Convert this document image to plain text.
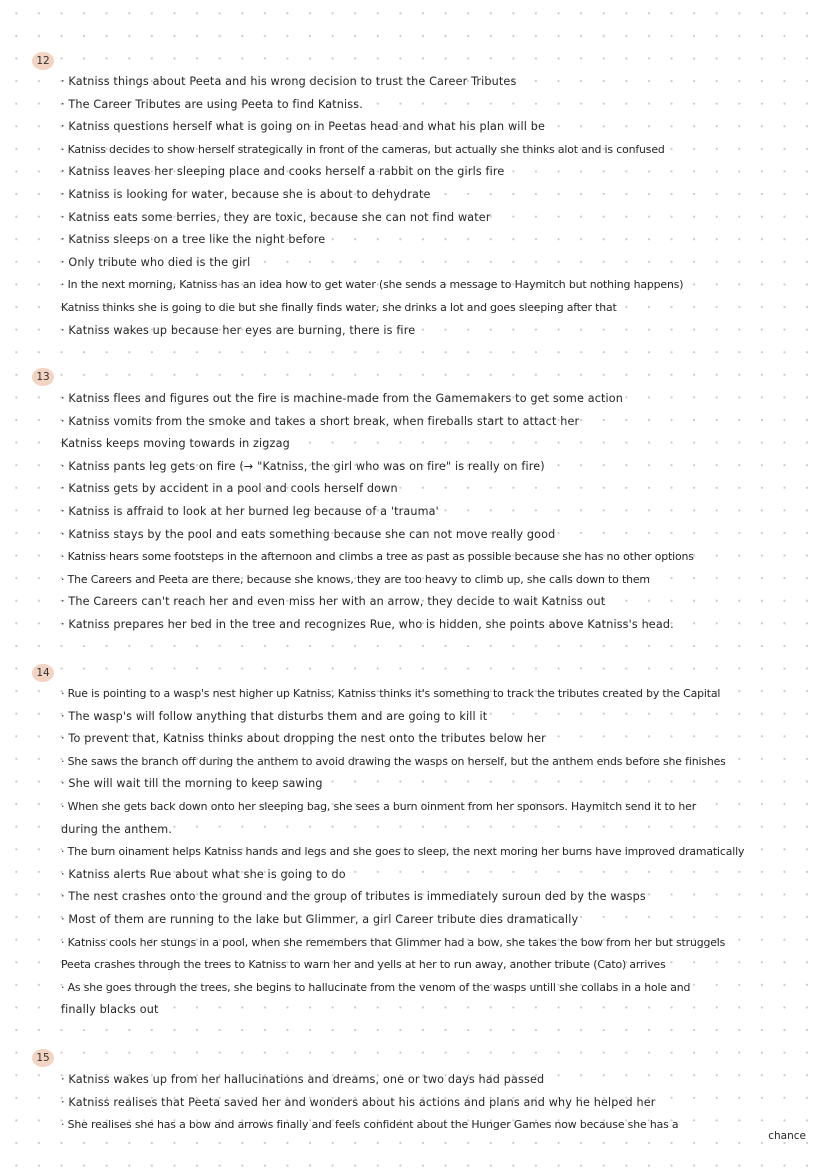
12
· Katniss things about Peeta and his wrong decision to trust the Career Tributes
· The Career Tributes are using Peeta to find Katniss.
· Katniss questions herself what is going on in Peetas head and what his plan will be
· Katniss decides to show herself strategically in front of the cameras, but actually she thinks alot and is confused
· Katniss leaves her sleeping place and cooks herself a rabbit on the girls fire
· Katniss is looking for water, because she is about to dehydrate
· Katniss eats some berries, they are toxic, because she can not find water
· Katniss sleeps on a tree like the night before
· Only tribute who died is the girl
· In the next morning, Katniss has an idea how to get water (she sends a message to Haymitch but nothing happens)
Katniss thinks she is going to die but she finally finds water, she drinks a lot and goes sleeping after that
· Katniss wakes up because her eyes are burning, there is fire
13
· Katniss flees and figures out the fire is machine-made from the Gamemakers to get some action
· Katniss vomits from the smoke and takes a short break, when fireballs start to attact her
Katniss keeps moving towards in zigzag
· Katniss pants leg gets on fire (→ "Katniss, the girl who was on fire" is really on fire)
· Katniss gets by accident in a pool and cools herself down
· Katniss is affraid to look at her burned leg because of a 'trauma'
· Katniss stays by the pool and eats something because she can not move really good
· Katniss hears some footsteps in the afternoon and climbs a tree as past as possible because she has no other options
· The Careers and Peeta are there, because she knows, they are too heavy to climb up, she calls down to them
· The Careers can't reach her and even miss her with an arrow, they decide to wait Katniss out
· Katniss prepares her bed in the tree and recognizes Rue, who is hidden, she points above Katniss's head.
14
· Rue is pointing to a wasp's nest higher up Katniss, Katniss thinks it's something to track the tributes created by the Capital
· The wasp's will follow anything that disturbs them and are going to kill it
· To prevent that, Katniss thinks about dropping the nest onto the tributes below her
· She saws the branch off during the anthem to avoid drawing the wasps on herself, but the anthem ends before she finishes
· She will wait till the morning to keep sawing
· When she gets back down onto her sleeping bag, she sees a burn oinment from her sponsors. Haymitch send it to her
during the anthem.
· The burn oinament helps Katniss hands and legs and she goes to sleep, the next moring her burns have improved dramatically
· Katniss alerts Rue about what she is going to do
· The nest crashes onto the ground and the group of tributes is immediately suroun ded by the wasps
· Most of them are running to the lake but Glimmer, a girl Career tribute dies dramatically
· Katniss cools her stungs in a pool, when she remembers that Glimmer had a bow, she takes the bow from her but struggels
Peeta crashes through the trees to Katniss to warn her and yells at her to run away, another tribute (Cato) arrives
· As she goes through the trees, she begins to hallucinate from the venom of the wasps untill she collabs in a hole and
finally blacks out
15
· Katniss wakes up from her hallucinations and dreams, one or two days had passed
· Katniss realises that Peeta saved her and wonders about his actions and plans and why he helped her
· She realises she has a bow and arrows finally and feels confident about the Hunger Games now because she has a
chance
